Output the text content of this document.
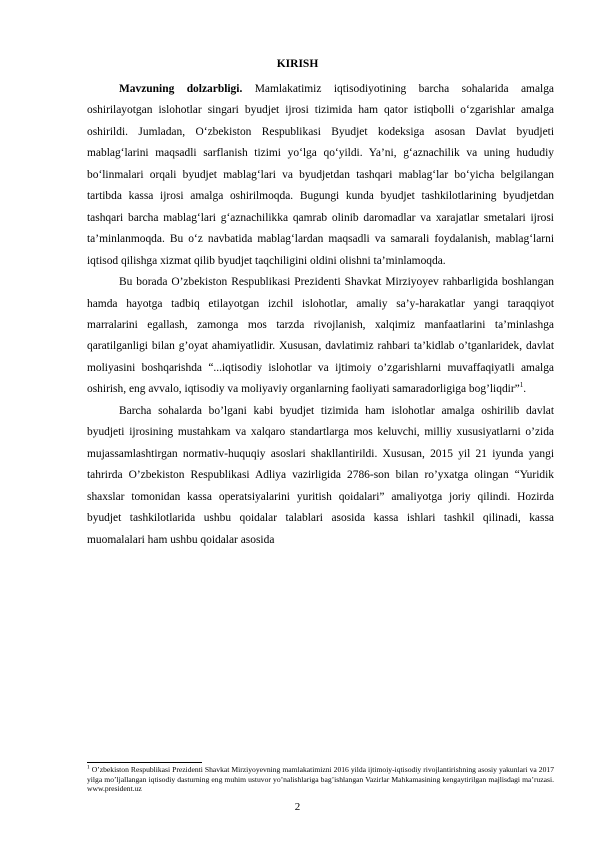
KIRISH

Mavzuning dolzarbligi. Mamlakatimiz iqtisodiyotining barcha sohalarida amalga oshirilayotgan islohotlar singari byudjet ijrosi tizimida ham qator istiqbolli o‘zgarishlar amalga oshirildi. Jumladan, O‘zbekiston Respublikasi Byudjet kodeksiga asosan Davlat byudjeti mablag‘larini maqsadli sarflanish tizimi yo‘lga qo‘yildi. Ya’ni, g‘aznachilik va uning hududiy bo‘linmalari orqali byudjet mablag‘lari va byudjetdan tashqari mablag‘lar bo‘yicha belgilangan tartibda kassa ijrosi amalga oshirilmoqda. Bugungi kunda byudjet tashkilotlarining byudjetdan tashqari barcha mablag‘lari g‘aznachilikka qamrab olinib daromadlar va xarajatlar smetalari ijrosi ta’minlanmoqda. Bu o‘z navbatida mablag‘lardan maqsadli va samarali foydalanish, mablag‘larni iqtisod qilishga xizmat qilib byudjet taqchiligini oldini olishni ta’minlamoqda.

Bu borada O’zbekiston Respublikasi Prezidenti Shavkat Mirziyoyev rahbarligida boshlangan hamda hayotga tadbiq etilayotgan izchil islohotlar, amaliy sa’y-harakatlar yangi taraqqiyot marralarini egallash, zamonga mos tarzda rivojlanish, xalqimiz manfaatlarini ta’minlashga qaratilganligi bilan g’oyat ahamiyatlidir. Xususan, davlatimiz rahbari ta’kidlab o’tganlaridek, davlat moliyasini boshqarishda “...iqtisodiy islohotlar va ijtimoiy o’zgarishlarni muvaffaqiyatli amalga oshirish, eng avvalo, iqtisodiy va moliyaviy organlarning faoliyati samaradorligiga bog’liqdir”$^1$.

Barcha sohalarda bo’lgani kabi byudjet tizimida ham islohotlar amalga oshirilib davlat byudjeti ijrosining mustahkam va xalqaro standartlarga mos keluvchi, milliy xususiyatlarni o’zida mujassamlashtirgan normativ-huquqiy asoslari shakllantirildi. Xususan, 2015 yil 21 iyunda yangi tahrirda O’zbekiston Respublikasi Adliya vazirligida 2786-son bilan ro’yxatga olingan “Yuridik shaxslar tomonidan kassa operatsiyalarini yuritish qoidalari” amaliyotga joriy qilindi. Hozirda byudjet tashkilotlarida ushbu qoidalar talablari asosida kassa ishlari tashkil qilinadi, kassa muomalalari ham ushbu qoidalar asosida

$^1$ O’zbekiston Respublikasi Prezidenti Shavkat Mirziyoyevning mamlakatimizni 2016 yilda ijtimoiy-iqtisodiy rivojlantirishning asosiy yakunlari va 2017 yilga mo’ljallangan iqtisodiy dasturning eng muhim ustuvor yo’nalishlariga bag’ishlangan Vazirlar Mahkamasining kengaytirilgan majlisdagi ma’ruzasi. www.president.uz

2
